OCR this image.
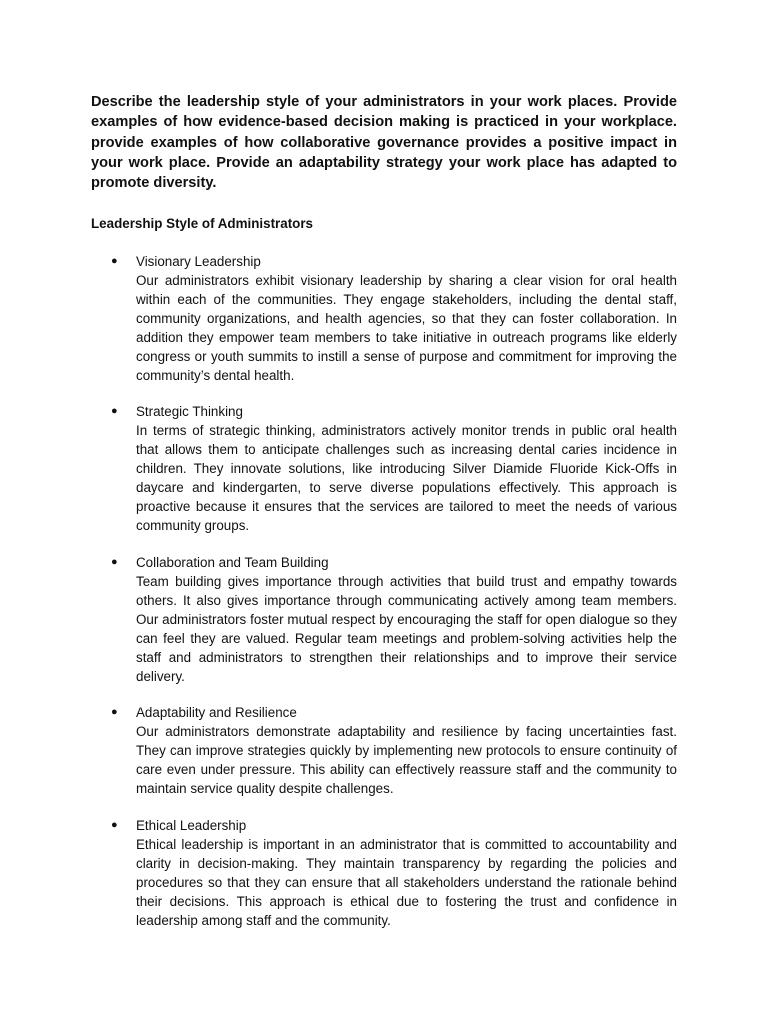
Describe the leadership style of your administrators in your work places. Provide examples of how evidence-based decision making is practiced in your workplace. provide examples of how collaborative governance provides a positive impact in your work place. Provide an adaptability strategy your work place has adapted to promote diversity.

Leadership Style of Administrators
● Visionary Leadership

Our administrators exhibit visionary leadership by sharing a clear vision for oral health within each of the communities. They engage stakeholders, including the dental staff, community organizations, and health agencies, so that they can foster collaboration. In addition they empower team members to take initiative in outreach programs like elderly congress or youth summits to instill a sense of purpose and commitment for improving the community’s dental health.

● Strategic Thinking

In terms of strategic thinking, administrators actively monitor trends in public oral health that allows them to anticipate challenges such as increasing dental caries incidence in children. They innovate solutions, like introducing Silver Diamide Fluoride Kick-Offs in daycare and kindergarten, to serve diverse populations effectively. This approach is proactive because it ensures that the services are tailored to meet the needs of various community groups.

● Collaboration and Team Building

Team building gives importance through activities that build trust and empathy towards others. It also gives importance through communicating actively among team members. Our administrators foster mutual respect by encouraging the staff for open dialogue so they can feel they are valued. Regular team meetings and problem-solving activities help the staff and administrators to strengthen their relationships and to improve their service delivery.

● Adaptability and Resilience

Our administrators demonstrate adaptability and resilience by facing uncertainties fast. They can improve strategies quickly by implementing new protocols to ensure continuity of care even under pressure. This ability can effectively reassure staff and the community to maintain service quality despite challenges.

● Ethical Leadership

Ethical leadership is important in an administrator that is committed to accountability and clarity in decision-making. They maintain transparency by regarding the policies and procedures so that they can ensure that all stakeholders understand the rationale behind their decisions. This approach is ethical due to fostering the trust and confidence in leadership among staff and the community.
